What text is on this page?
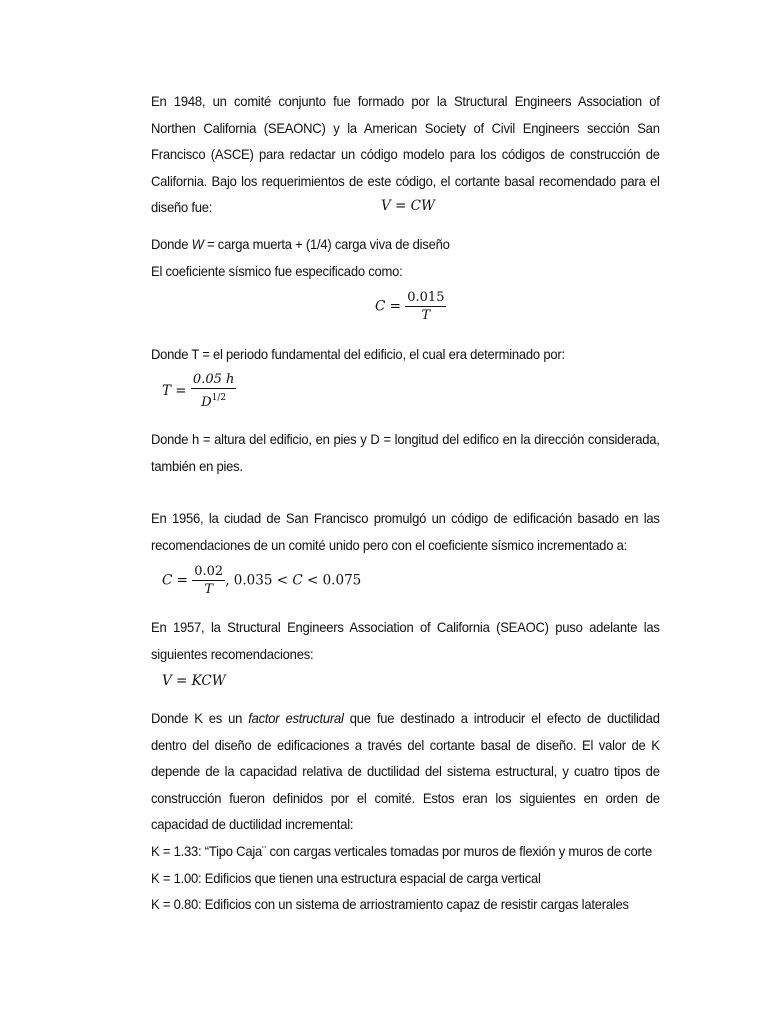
En 1948, un comité conjunto fue formado por la Structural Engineers Association of Northen California (SEAONC) y la American Society of Civil Engineers sección San Francisco (ASCE) para redactar un código modelo para los códigos de construcción de California. Bajo los requerimientos de este código, el cortante basal recomendado para el diseño fue:	V = CW

Donde W = carga muerta + (1/4) carga viva de diseño

El coeficiente sísmico fue especificado como:

$C = \frac{0.015}{T}$

Donde T = el periodo fundamental del edificio, el cual era determinado por:

$T = \frac{0.05 h}{D^{1/2}}$

Donde h = altura del edificio, en pies y D = longitud del edifico en la dirección considerada, también en pies.

En 1956, la ciudad de San Francisco promulgó un código de edificación basado en las recomendaciones de un comité unido pero con el coeficiente sísmico incrementado a:

$C = \frac{0.02}{T}$ , 0.035 < C < 0.075

En 1957, la Structural Engineers Association of California (SEAOC) puso adelante las siguientes recomendaciones:

V = KCW

Donde K es un factor estructural que fue destinado a introducir el efecto de ductilidad dentro del diseño de edificaciones a través del cortante basal de diseño. El valor de K depende de la capacidad relativa de ductilidad del sistema estructural, y cuatro tipos de construcción fueron definidos por el comité. Estos eran los siguientes en orden de capacidad de ductilidad incremental:

K = 1.33: “Tipo Caja¨ con cargas verticales tomadas por muros de flexión y muros de corte

K = 1.00: Edificios que tienen una estructura espacial de carga vertical

K = 0.80: Edificios con un sistema de arriostramiento capaz de resistir cargas laterales
